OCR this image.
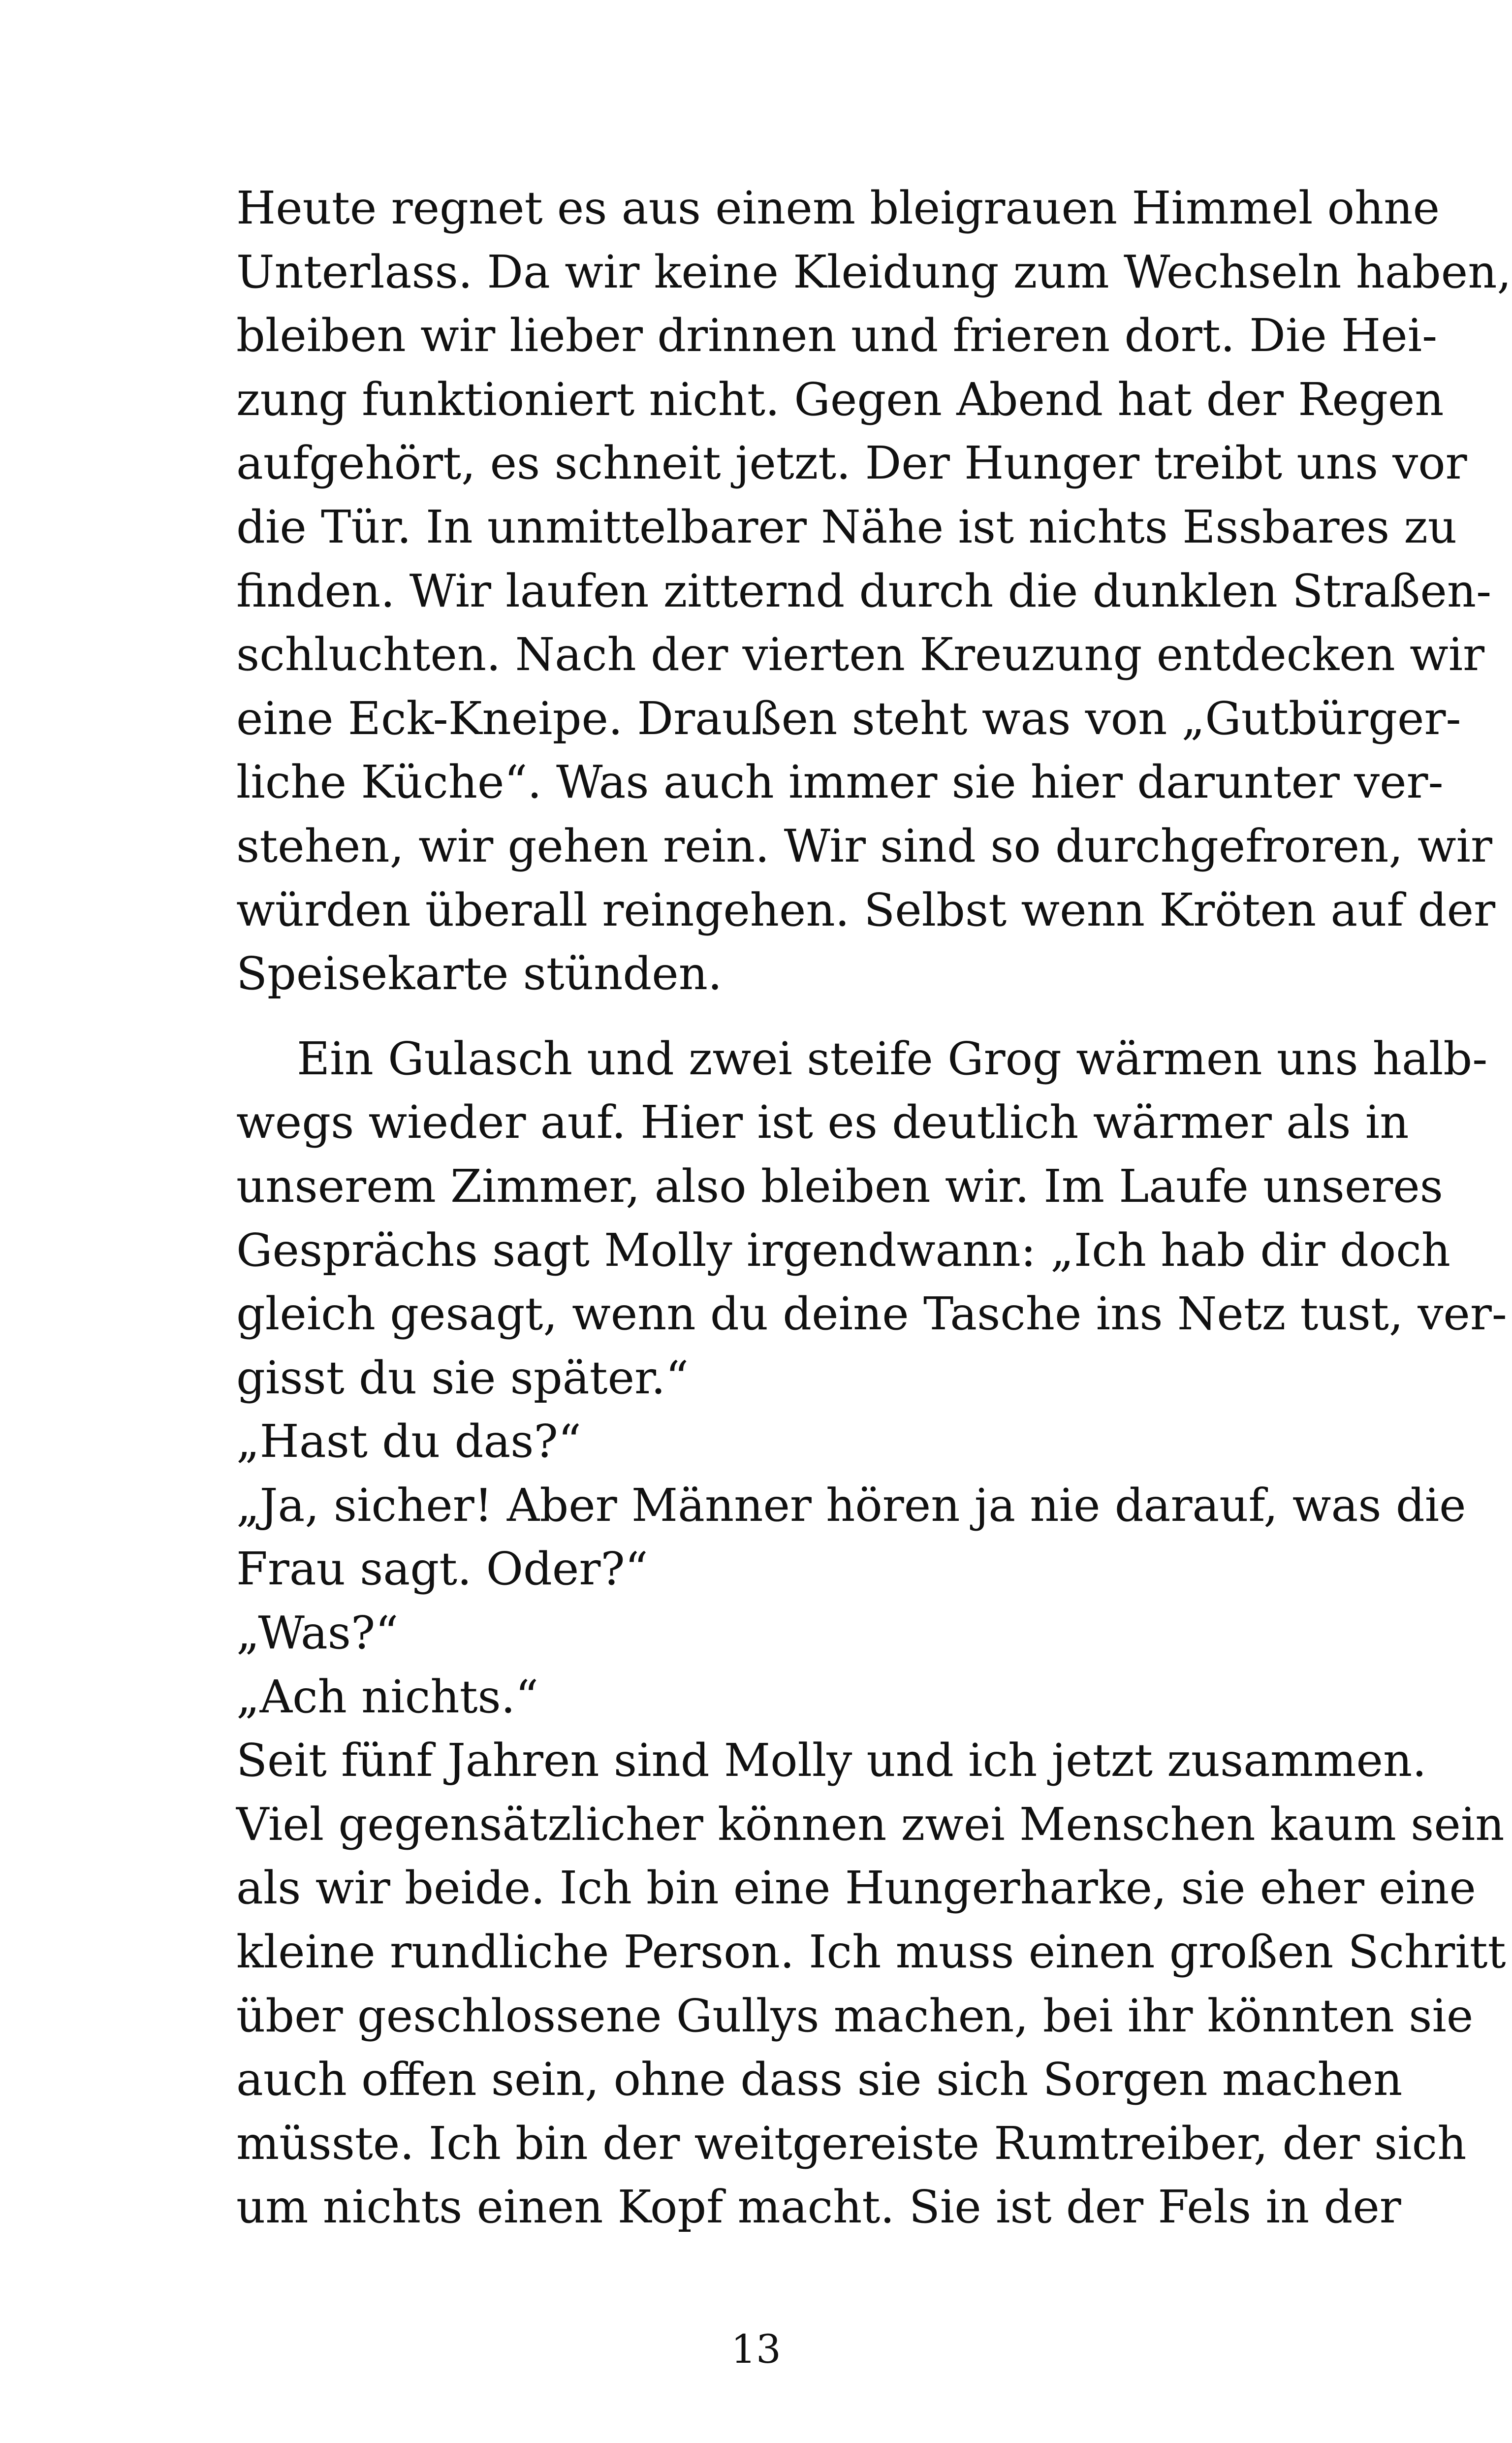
Heute regnet es aus einem bleigrauen Himmel ohne
Unterlass. Da wir keine Kleidung zum Wechseln haben,
bleiben wir lieber drinnen und frieren dort. Die Hei-
zung funktioniert nicht. Gegen Abend hat der Regen
aufgehört, es schneit jetzt. Der Hunger treibt uns vor
die Tür. In unmittelbarer Nähe ist nichts Essbares zu
finden. Wir laufen zitternd durch die dunklen Straßen-
schluchten. Nach der vierten Kreuzung entdecken wir
eine Eck-Kneipe. Draußen steht was von „Gutbürger-
liche Küche“. Was auch immer sie hier darunter ver-
stehen, wir gehen rein. Wir sind so durchgefroren, wir
würden überall reingehen. Selbst wenn Kröten auf der
Speisekarte stünden.
Ein Gulasch und zwei steife Grog wärmen uns halb-
wegs wieder auf. Hier ist es deutlich wärmer als in
unserem Zimmer, also bleiben wir. Im Laufe unseres
Gesprächs sagt Molly irgendwann: „Ich hab dir doch
gleich gesagt, wenn du deine Tasche ins Netz tust, ver-
gisst du sie später.“
„Hast du das?“
„Ja, sicher! Aber Männer hören ja nie darauf, was die
Frau sagt. Oder?“
„Was?“
„Ach nichts.“
Seit fünf Jahren sind Molly und ich jetzt zusammen.
Viel gegensätzlicher können zwei Menschen kaum sein
als wir beide. Ich bin eine Hungerharke, sie eher eine
kleine rundliche Person. Ich muss einen großen Schritt
über geschlossene Gullys machen, bei ihr könnten sie
auch offen sein, ohne dass sie sich Sorgen machen
müsste. Ich bin der weitgereiste Rumtreiber, der sich
um nichts einen Kopf macht. Sie ist der Fels in der
13
